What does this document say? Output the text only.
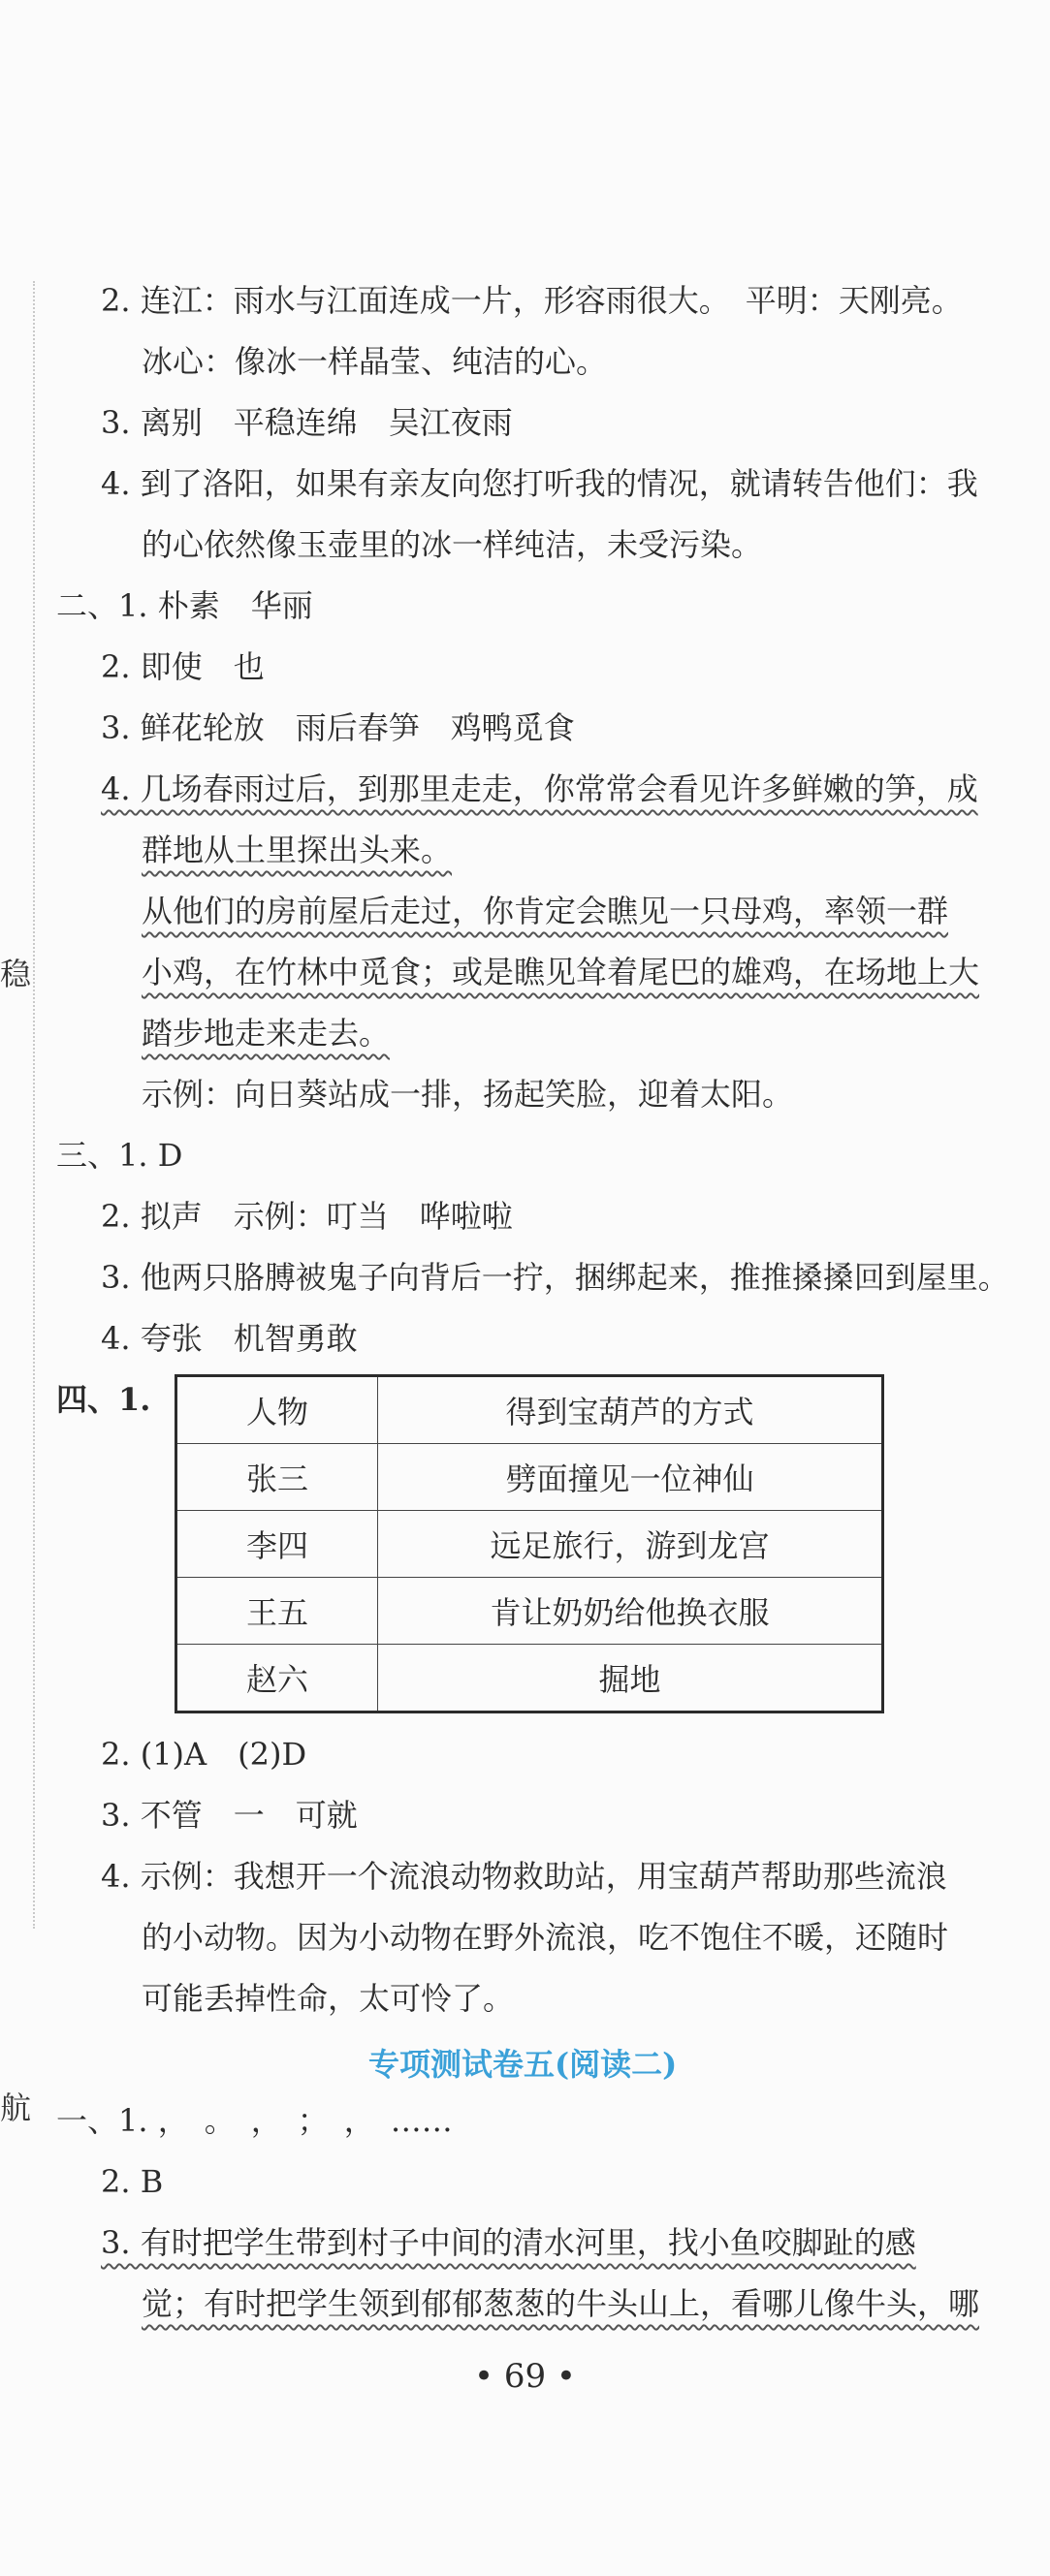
稳
航
2. 连江：雨水与江面连成一片，形容雨很大。　平明：天刚亮。
冰心：像冰一样晶莹、纯洁的心。
3. 离别　平稳连绵　吴江夜雨
4. 到了洛阳，如果有亲友向您打听我的情况，就请转告他们：我
的心依然像玉壶里的冰一样纯洁，未受污染。
二、1. 朴素　华丽
2. 即使　也
3. 鲜花轮放　雨后春笋　鸡鸭觅食
4. 几场春雨过后，到那里走走，你常常会看见许多鲜嫩的笋，成
群地从土里探出头来。
从他们的房前屋后走过，你肯定会瞧见一只母鸡，率领一群
小鸡，在竹林中觅食；或是瞧见耸着尾巴的雄鸡，在场地上大
踏步地走来走去。
示例：向日葵站成一排，扬起笑脸，迎着太阳。
三、1. D
2. 拟声　示例：叮当　哗啦啦
3. 他两只胳膊被鬼子向背后一拧，捆绑起来，推推搡搡回到屋里。
4. 夸张　机智勇敢
四、1.	人物	得到宝葫芦的方式
张三	劈面撞见一位神仙
李四	远足旅行，游到龙宫
王五	肯让奶奶给他换衣服
赵六	掘地
2. (1)A　(2)D
3. 不管　一　可就
4. 示例：我想开一个流浪动物救助站，用宝葫芦帮助那些流浪
的小动物。因为小动物在野外流浪，吃不饱住不暖，还随时
可能丢掉性命，太可怜了。
专项测试卷五(阅读二)
一、1. ，　。　，　；　，　……
2. B
3. 有时把学生带到村子中间的清水河里，找小鱼咬脚趾的感
觉；有时把学生领到郁郁葱葱的牛头山上，看哪儿像牛头，哪
• 69 •
